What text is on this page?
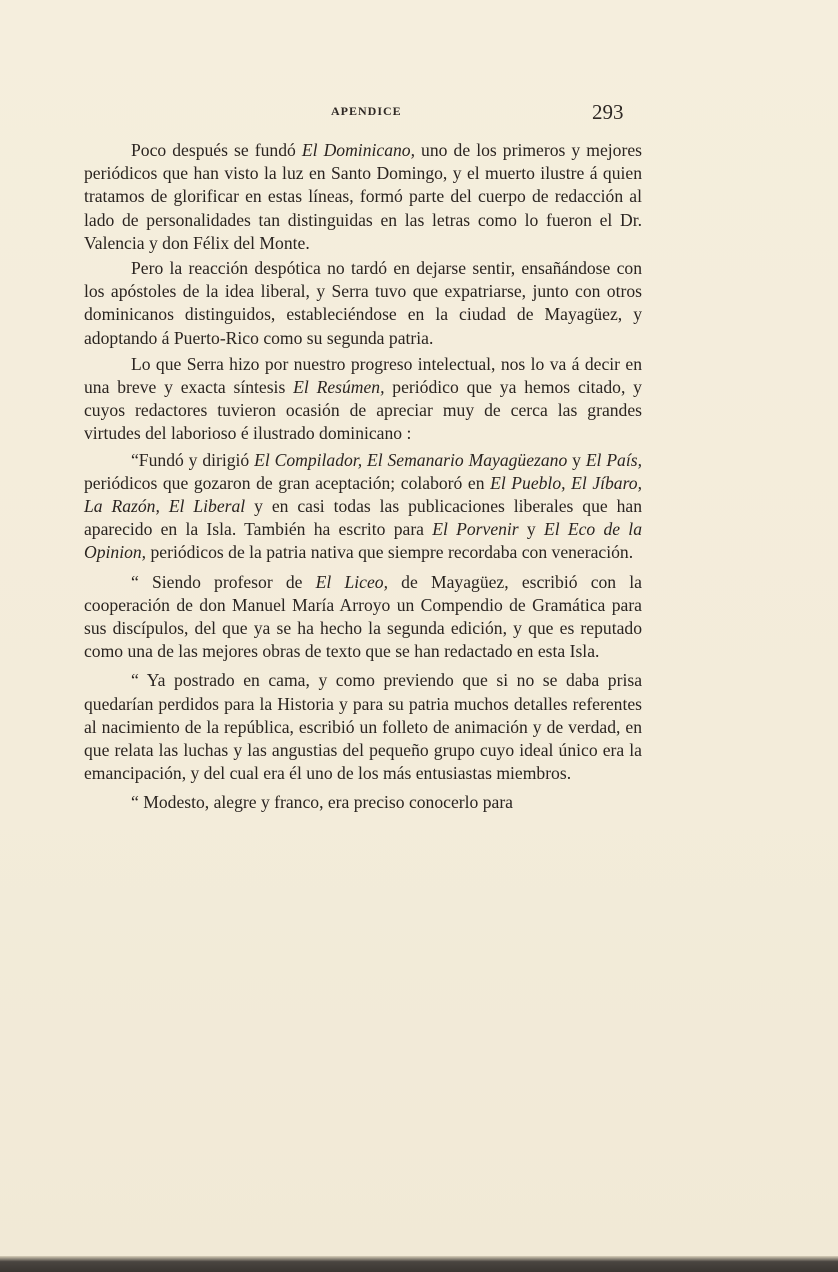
APENDICE	293

Poco después se fundó El Dominicano, uno de los primeros y mejores periódicos que han visto la luz en Santo Domingo, y el muerto ilustre á quien tratamos de glorificar en estas líneas, formó parte del cuerpo de redacción al lado de personalidades tan distinguidas en las letras como lo fueron el Dr. Valencia y don Félix del Monte.

Pero la reacción despótica no tardó en dejarse sentir, ensañándose con los apóstoles de la idea liberal, y Serra tuvo que expatriarse, junto con otros dominicanos distinguidos, estableciéndose en la ciudad de Mayagüez, y adoptando á Puerto-Rico como su segunda patria.

Lo que Serra hizo por nuestro progreso intelectual, nos lo va á decir en una breve y exacta síntesis El Resúmen, periódico que ya hemos citado, y cuyos redactores tuvieron ocasión de apreciar muy de cerca las grandes virtudes del laborioso é ilustrado dominicano :

“Fundó y dirigió El Compilador, El Semanario Mayagüezano y El País, periódicos que gozaron de gran aceptación; colaboró en El Pueblo, El Jíbaro, La Razón, El Liberal y en casi todas las publicaciones liberales que han aparecido en la Isla. También ha escrito para El Porvenir y El Eco de la Opinion, periódicos de la patria nativa que siempre recordaba con veneración.

“ Siendo profesor de El Liceo, de Mayagüez, escribió con la cooperación de don Manuel María Arroyo un Compendio de Gramática para sus discípulos, del que ya se ha hecho la segunda edición, y que es reputado como una de las mejores obras de texto que se han redactado en esta Isla.

“ Ya postrado en cama, y como previendo que si no se daba prisa quedarían perdidos para la Historia y para su patria muchos detalles referentes al nacimiento de la república, escribió un folleto de animación y de verdad, en que relata las luchas y las angustias del pequeño grupo cuyo ideal único era la emancipación, y del cual era él uno de los más entusiastas miembros.

“ Modesto, alegre y franco, era preciso conocerlo para
